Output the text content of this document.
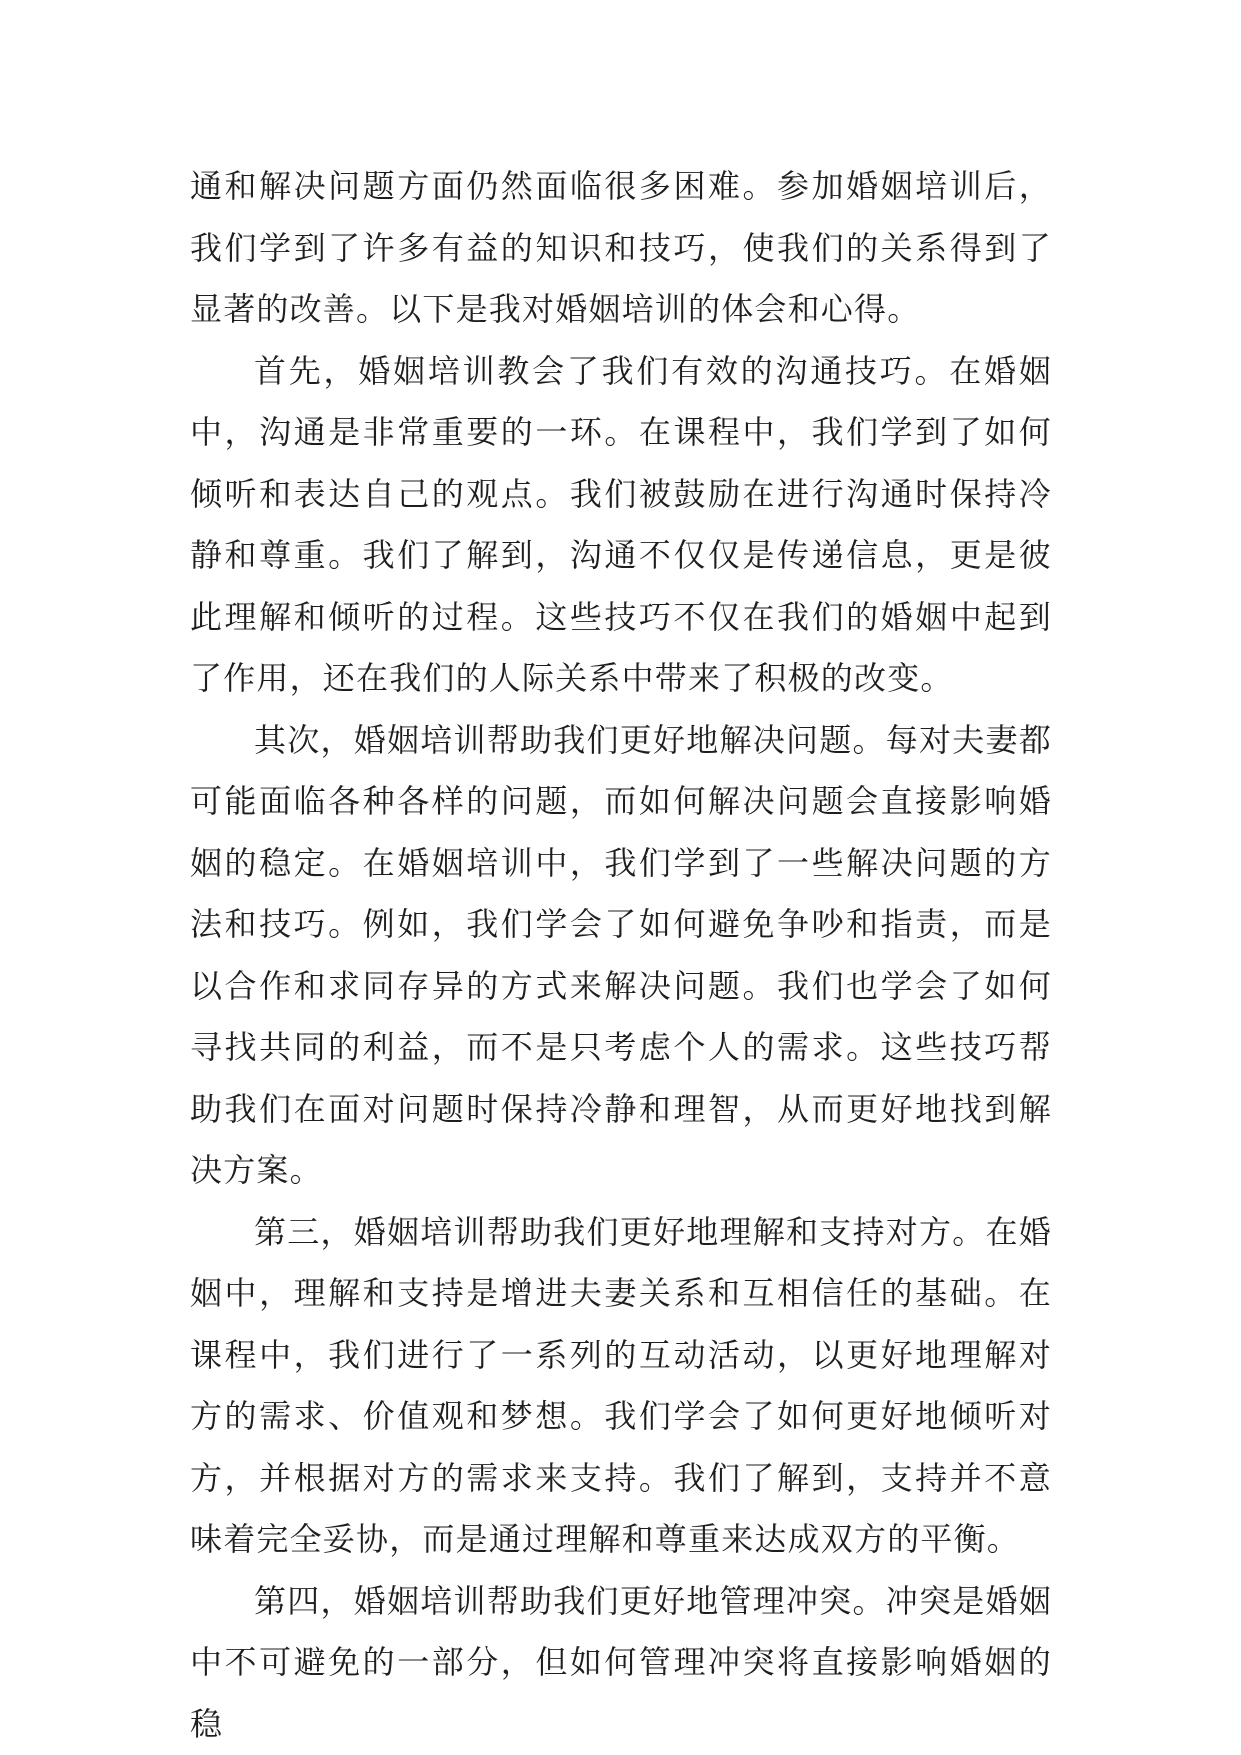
通和解决问题方面仍然面临很多困难。参加婚姻培训后，我们学到了许多有益的知识和技巧，使我们的关系得到了显著的改善。以下是我对婚姻培训的体会和心得。

首先，婚姻培训教会了我们有效的沟通技巧。在婚姻中，沟通是非常重要的一环。在课程中，我们学到了如何倾听和表达自己的观点。我们被鼓励在进行沟通时保持冷静和尊重。我们了解到，沟通不仅仅是传递信息，更是彼此理解和倾听的过程。这些技巧不仅在我们的婚姻中起到了作用，还在我们的人际关系中带来了积极的改变。

其次，婚姻培训帮助我们更好地解决问题。每对夫妻都可能面临各种各样的问题，而如何解决问题会直接影响婚姻的稳定。在婚姻培训中，我们学到了一些解决问题的方法和技巧。例如，我们学会了如何避免争吵和指责，而是以合作和求同存异的方式来解决问题。我们也学会了如何寻找共同的利益，而不是只考虑个人的需求。这些技巧帮助我们在面对问题时保持冷静和理智，从而更好地找到解决方案。

第三，婚姻培训帮助我们更好地理解和支持对方。在婚姻中，理解和支持是增进夫妻关系和互相信任的基础。在课程中，我们进行了一系列的互动活动，以更好地理解对方的需求、价值观和梦想。我们学会了如何更好地倾听对方，并根据对方的需求来支持。我们了解到，支持并不意味着完全妥协，而是通过理解和尊重来达成双方的平衡。

第四，婚姻培训帮助我们更好地管理冲突。冲突是婚姻中不可避免的一部分，但如何管理冲突将直接影响婚姻的稳
